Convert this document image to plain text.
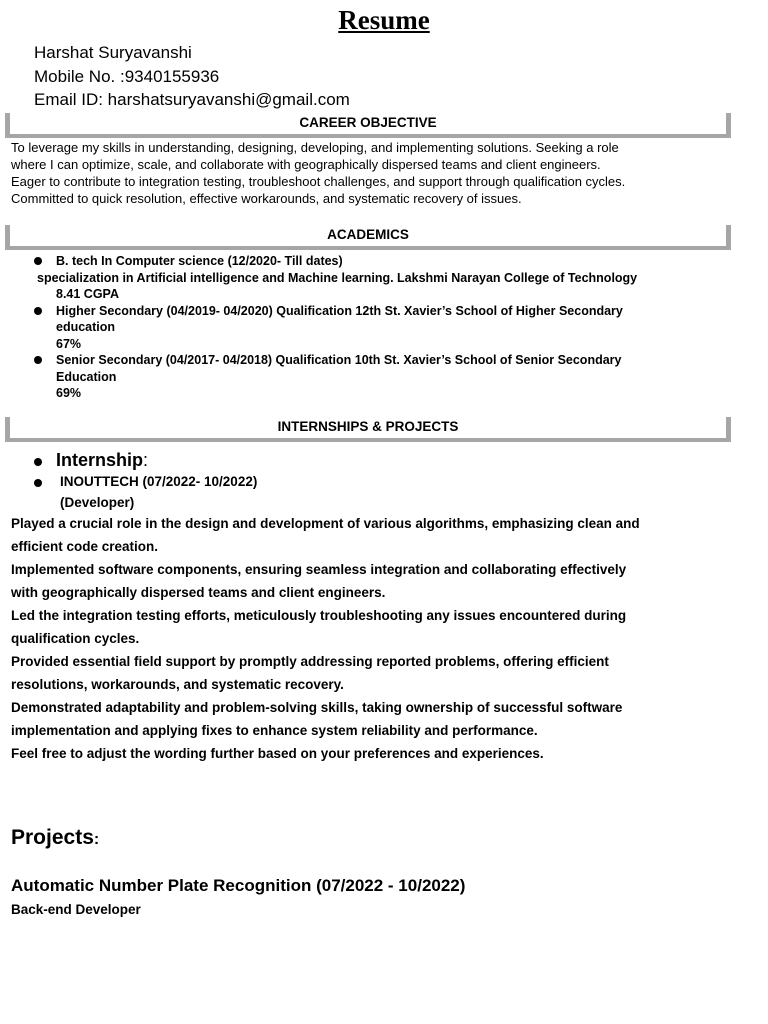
Resume
Harshat Suryavanshi
Mobile No. :9340155936
Email ID: harshatsuryavanshi@gmail.com
CAREER OBJECTIVE
To leverage my skills in understanding, designing, developing, and implementing solutions. Seeking a role
where I can optimize, scale, and collaborate with geographically dispersed teams and client engineers.
Eager to contribute to integration testing, troubleshoot challenges, and support through qualification cycles.
Committed to quick resolution, effective workarounds, and systematic recovery of issues.
ACADEMICS
B. tech In Computer science (12/2020- Till dates)
specialization in Artificial intelligence and Machine learning. Lakshmi Narayan College of Technology
8.41 CGPA
Higher Secondary (04/2019- 04/2020) Qualification 12th St. Xavier’s School of Higher Secondary
education
67%
Senior Secondary (04/2017- 04/2018) Qualification 10th St. Xavier’s School of Senior Secondary
Education
69%
INTERNSHIPS & PROJECTS
Internship:
INOUTTECH (07/2022- 10/2022)
(Developer)
Played a crucial role in the design and development of various algorithms, emphasizing clean and
efficient code creation.
Implemented software components, ensuring seamless integration and collaborating effectively
with geographically dispersed teams and client engineers.
Led the integration testing efforts, meticulously troubleshooting any issues encountered during
qualification cycles.
Provided essential field support by promptly addressing reported problems, offering efficient
resolutions, workarounds, and systematic recovery.
Demonstrated adaptability and problem-solving skills, taking ownership of successful software
implementation and applying fixes to enhance system reliability and performance.
Feel free to adjust the wording further based on your preferences and experiences.
Projects:
Automatic Number Plate Recognition (07/2022 - 10/2022)
Back-end Developer
